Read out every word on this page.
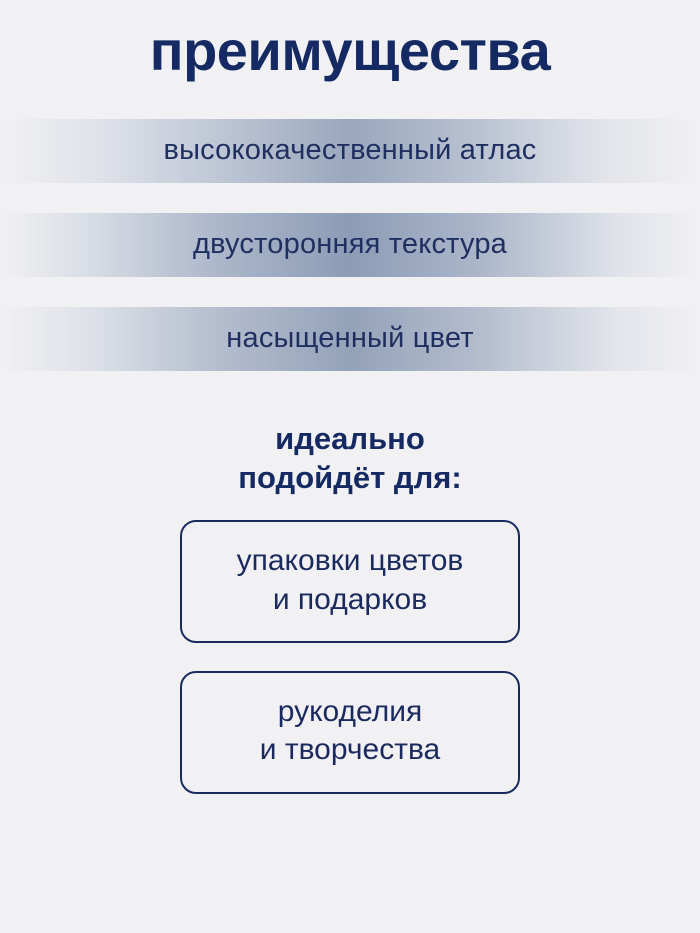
преимущества
высококачественный атлас
двусторонняя текстура
насыщенный цвет
идеально
подойдёт для:
упаковки цветов
и подарков
рукоделия
и творчества
